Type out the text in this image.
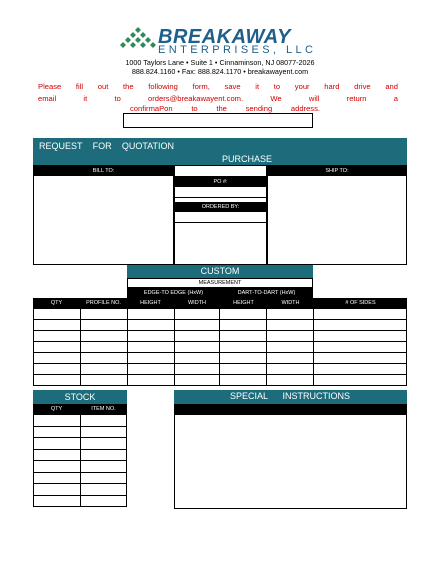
BREAKAWAY
ENTERPRISES, LLC
1000 Taylors Lane • Suite 1 • Cinnaminson, NJ 08077-2026
888.824.1160 • Fax: 888.824.1170 • breakawayent.com
Please fill out the following form, save it to your hard drive and
email it to orders@breakawayent.com. We will return a
confirmaPon to the sending address.
REQUEST FOR QUOTATION
PURCHASE ORDER
BILL TO:
PO #:
ORDERED BY:
SHIP TO:
CUSTOM
MEASUREMENT
EDGE-TO EDGE (HxW)	DART-TO-DART (HxW)
QTY	PROFILE NO.	HEIGHT	WIDTH	HEIGHT	WIDTH	# OF SIDES

STOCK
QTY	ITEM NO.

SPECIAL INSTRUCTIONS
